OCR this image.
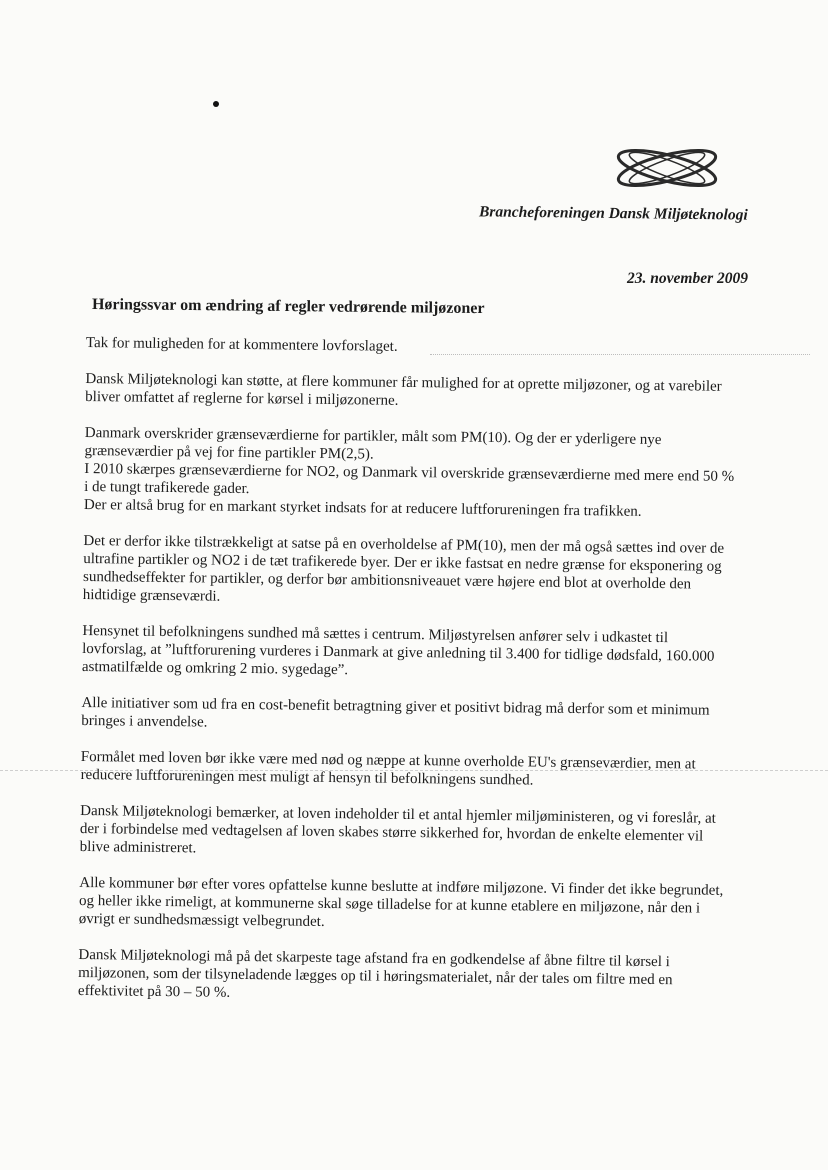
Brancheforeningen Dansk Miljøteknologi
23. november 2009
Høringssvar om ændring af regler vedrørende miljøzoner

Tak for muligheden for at kommentere lovforslaget.

Dansk Miljøteknologi kan støtte, at flere kommuner får mulighed for at oprette miljøzoner, og at varebiler bliver omfattet af reglerne for kørsel i miljøzonerne.

Danmark overskrider grænseværdierne for partikler, målt som PM(10). Og der er yderligere nye grænseværdier på vej for fine partikler PM(2,5).

I 2010 skærpes grænseværdierne for NO2, og Danmark vil overskride grænseværdierne med mere end 50 % i de tungt trafikerede gader.

Der er altså brug for en markant styrket indsats for at reducere luftforureningen fra trafikken.

Det er derfor ikke tilstrækkeligt at satse på en overholdelse af PM(10), men der må også sættes ind over de ultrafine partikler og NO2 i de tæt trafikerede byer. Der er ikke fastsat en nedre grænse for eksponering og sundhedseffekter for partikler, og derfor bør ambitionsniveauet være højere end blot at overholde den hidtidige grænseværdi.

Hensynet til befolkningens sundhed må sættes i centrum. Miljøstyrelsen anfører selv i udkastet til lovforslag, at ”luftforurening vurderes i Danmark at give anledning til 3.400 for tidlige dødsfald, 160.000 astmatilfælde og omkring 2 mio. sygedage”.

Alle initiativer som ud fra en cost-benefit betragtning giver et positivt bidrag må derfor som et minimum bringes i anvendelse.

Formålet med loven bør ikke være med nød og næppe at kunne overholde EU's grænseværdier, men at reducere luftforureningen mest muligt af hensyn til befolkningens sundhed.

Dansk Miljøteknologi bemærker, at loven indeholder til et antal hjemler miljøministeren, og vi foreslår, at der i forbindelse med vedtagelsen af loven skabes større sikkerhed for, hvordan de enkelte elementer vil blive administreret.

Alle kommuner bør efter vores opfattelse kunne beslutte at indføre miljøzone. Vi finder det ikke begrundet, og heller ikke rimeligt, at kommunerne skal søge tilladelse for at kunne etablere en miljøzone, når den i øvrigt er sundhedsmæssigt velbegrundet.

Dansk Miljøteknologi må på det skarpeste tage afstand fra en godkendelse af åbne filtre til kørsel i miljøzonen, som der tilsyneladende lægges op til i høringsmaterialet, når der tales om filtre med en effektivitet på 30 – 50 %.
